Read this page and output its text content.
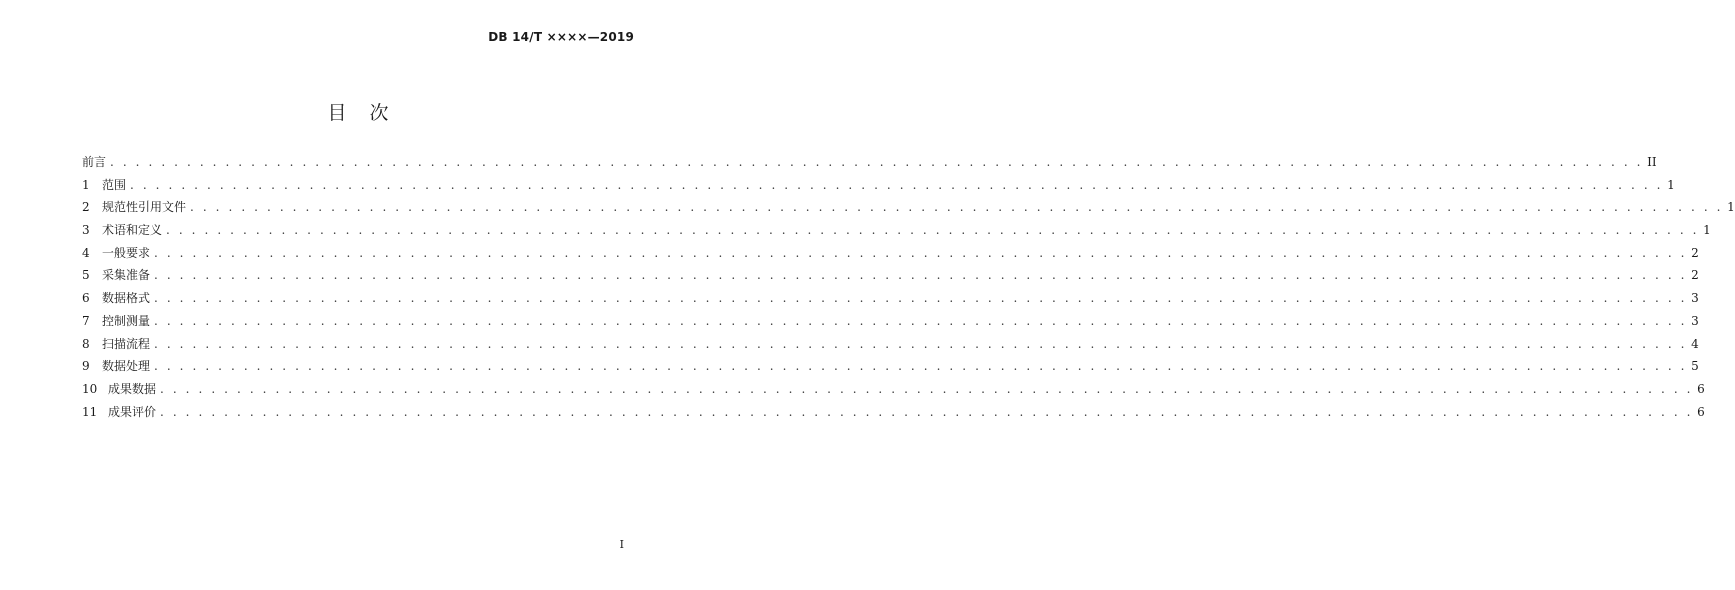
DB 14/T ××××—2019
目　次
前言 . . . . . . . . . . . . . . . . . . . . . . . . . . . . . . . . . . . . . . . . . . . . . . . . . . . . . . . . . . . . . . . . . . . . . . . . . . . . . . . . . . . . . . . . . . . . . . . . . . . . . . . . . . . . . . . . . . . . . . . . II
1	范围 . . . . . . . . . . . . . . . . . . . . . . . . . . . . . . . . . . . . . . . . . . . . . . . . . . . . . . . . . . . . . . . . . . . . . . . . . . . . . . . . . . . . . . . . . . . . . . . . . . . . . . . . . . . . . . . . . . . . . . . . 1
2	规范性引用文件 . . . . . . . . . . . . . . . . . . . . . . . . . . . . . . . . . . . . . . . . . . . . . . . . . . . . . . . . . . . . . . . . . . . . . . . . . . . . . . . . . . . . . . . . . . . . . . . . . . . . . . . . . . . . . . . . . . . . . . . . 1
3	术语和定义 . . . . . . . . . . . . . . . . . . . . . . . . . . . . . . . . . . . . . . . . . . . . . . . . . . . . . . . . . . . . . . . . . . . . . . . . . . . . . . . . . . . . . . . . . . . . . . . . . . . . . . . . . . . . . . . . . . . . . . . . 1
4	一般要求 . . . . . . . . . . . . . . . . . . . . . . . . . . . . . . . . . . . . . . . . . . . . . . . . . . . . . . . . . . . . . . . . . . . . . . . . . . . . . . . . . . . . . . . . . . . . . . . . . . . . . . . . . . . . . . . . . . . . . . . . 2
5	采集准备 . . . . . . . . . . . . . . . . . . . . . . . . . . . . . . . . . . . . . . . . . . . . . . . . . . . . . . . . . . . . . . . . . . . . . . . . . . . . . . . . . . . . . . . . . . . . . . . . . . . . . . . . . . . . . . . . . . . . . . . . 2
6	数据格式 . . . . . . . . . . . . . . . . . . . . . . . . . . . . . . . . . . . . . . . . . . . . . . . . . . . . . . . . . . . . . . . . . . . . . . . . . . . . . . . . . . . . . . . . . . . . . . . . . . . . . . . . . . . . . . . . . . . . . . . . 3
7	控制测量 . . . . . . . . . . . . . . . . . . . . . . . . . . . . . . . . . . . . . . . . . . . . . . . . . . . . . . . . . . . . . . . . . . . . . . . . . . . . . . . . . . . . . . . . . . . . . . . . . . . . . . . . . . . . . . . . . . . . . . . . 3
8	扫描流程 . . . . . . . . . . . . . . . . . . . . . . . . . . . . . . . . . . . . . . . . . . . . . . . . . . . . . . . . . . . . . . . . . . . . . . . . . . . . . . . . . . . . . . . . . . . . . . . . . . . . . . . . . . . . . . . . . . . . . . . . 4
9	数据处理 . . . . . . . . . . . . . . . . . . . . . . . . . . . . . . . . . . . . . . . . . . . . . . . . . . . . . . . . . . . . . . . . . . . . . . . . . . . . . . . . . . . . . . . . . . . . . . . . . . . . . . . . . . . . . . . . . . . . . . . . 5
10 成果数据 . . . . . . . . . . . . . . . . . . . . . . . . . . . . . . . . . . . . . . . . . . . . . . . . . . . . . . . . . . . . . . . . . . . . . . . . . . . . . . . . . . . . . . . . . . . . . . . . . . . . . . . . . . . . . . . . . . . . . . . . 6
11 成果评价 . . . . . . . . . . . . . . . . . . . . . . . . . . . . . . . . . . . . . . . . . . . . . . . . . . . . . . . . . . . . . . . . . . . . . . . . . . . . . . . . . . . . . . . . . . . . . . . . . . . . . . . . . . . . . . . . . . . . . . . . 6
I
